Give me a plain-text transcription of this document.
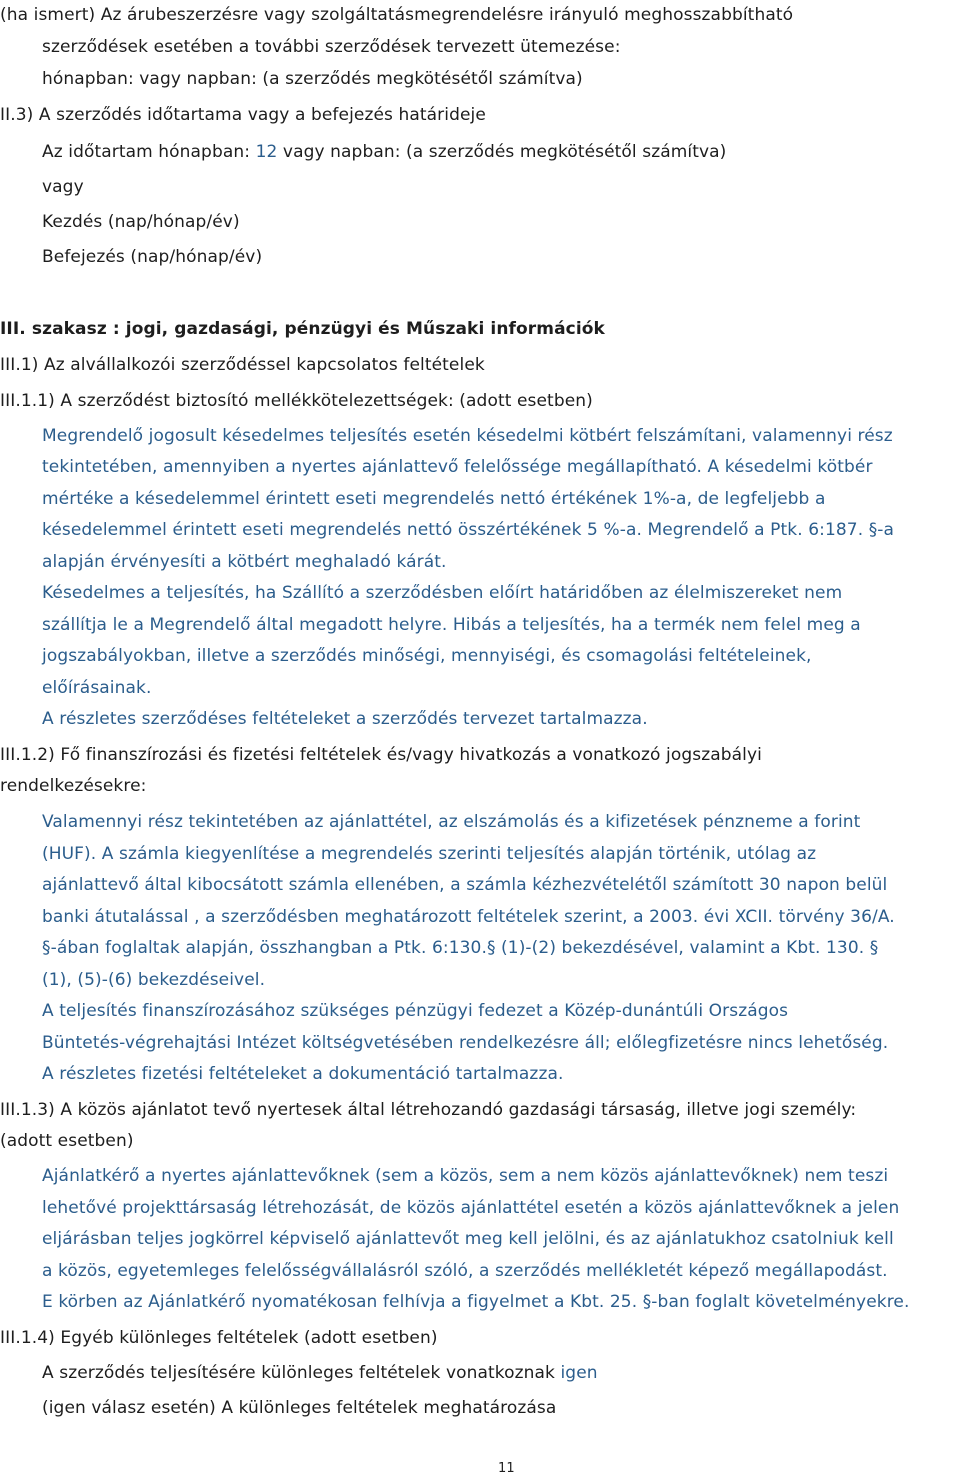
(ha ismert) Az árubeszerzésre vagy szolgáltatásmegrendelésre irányuló meghosszabbítható
szerződések esetében a további szerződések tervezett ütemezése:
hónapban: vagy napban: (a szerződés megkötésétől számítva)
II.3) A szerződés időtartama vagy a befejezés határideje
Az időtartam hónapban: 12 vagy napban: (a szerződés megkötésétől számítva)
vagy
Kezdés (nap/hónap/év)
Befejezés (nap/hónap/év)
III. szakasz : jogi, gazdasági, pénzügyi és Műszaki információk
III.1) Az alvállalkozói szerződéssel kapcsolatos feltételek
III.1.1) A szerződést biztosító mellékkötelezettségek: (adott esetben)
Megrendelő jogosult késedelmes teljesítés esetén késedelmi kötbért felszámítani, valamennyi rész
tekintetében, amennyiben a nyertes ajánlattevő felelőssége megállapítható. A késedelmi kötbér
mértéke a késedelemmel érintett eseti megrendelés nettó értékének 1%-a, de legfeljebb a
késedelemmel érintett eseti megrendelés nettó összértékének 5 %-a. Megrendelő a Ptk. 6:187. §-a
alapján érvényesíti a kötbért meghaladó kárát.
Késedelmes a teljesítés, ha Szállító a szerződésben előírt határidőben az élelmiszereket nem
szállítja le a Megrendelő által megadott helyre. Hibás a teljesítés, ha a termék nem felel meg a
jogszabályokban, illetve a szerződés minőségi, mennyiségi, és csomagolási feltételeinek,
előírásainak.
A részletes szerződéses feltételeket a szerződés tervezet tartalmazza.
III.1.2) Fő finanszírozási és fizetési feltételek és/vagy hivatkozás a vonatkozó jogszabályi
rendelkezésekre:
Valamennyi rész tekintetében az ajánlattétel, az elszámolás és a kifizetések pénzneme a forint
(HUF). A számla kiegyenlítése a megrendelés szerinti teljesítés alapján történik, utólag az
ajánlattevő által kibocsátott számla ellenében, a számla kézhezvételétől számított 30 napon belül
banki átutalással , a szerződésben meghatározott feltételek szerint, a 2003. évi XCII. törvény 36/A.
§-ában foglaltak alapján, összhangban a Ptk. 6:130.§ (1)-(2) bekezdésével, valamint a Kbt. 130. §
(1), (5)-(6) bekezdéseivel.
A teljesítés finanszírozásához szükséges pénzügyi fedezet a Közép-dunántúli Országos
Büntetés-végrehajtási Intézet költségvetésében rendelkezésre áll; előlegfizetésre nincs lehetőség.
A részletes fizetési feltételeket a dokumentáció tartalmazza.
III.1.3) A közös ajánlatot tevő nyertesek által létrehozandó gazdasági társaság, illetve jogi személy:
(adott esetben)
Ajánlatkérő a nyertes ajánlattevőknek (sem a közös, sem a nem közös ajánlattevőknek) nem teszi
lehetővé projekttársaság létrehozását, de közös ajánlattétel esetén a közös ajánlattevőknek a jelen
eljárásban teljes jogkörrel képviselő ajánlattevőt meg kell jelölni, és az ajánlatukhoz csatolniuk kell
a közös, egyetemleges felelősségvállalásról szóló, a szerződés mellékletét képező megállapodást.
E körben az Ajánlatkérő nyomatékosan felhívja a figyelmet a Kbt. 25. §-ban foglalt követelményekre.
III.1.4) Egyéb különleges feltételek (adott esetben)
A szerződés teljesítésére különleges feltételek vonatkoznak igen
(igen válasz esetén) A különleges feltételek meghatározása
11
